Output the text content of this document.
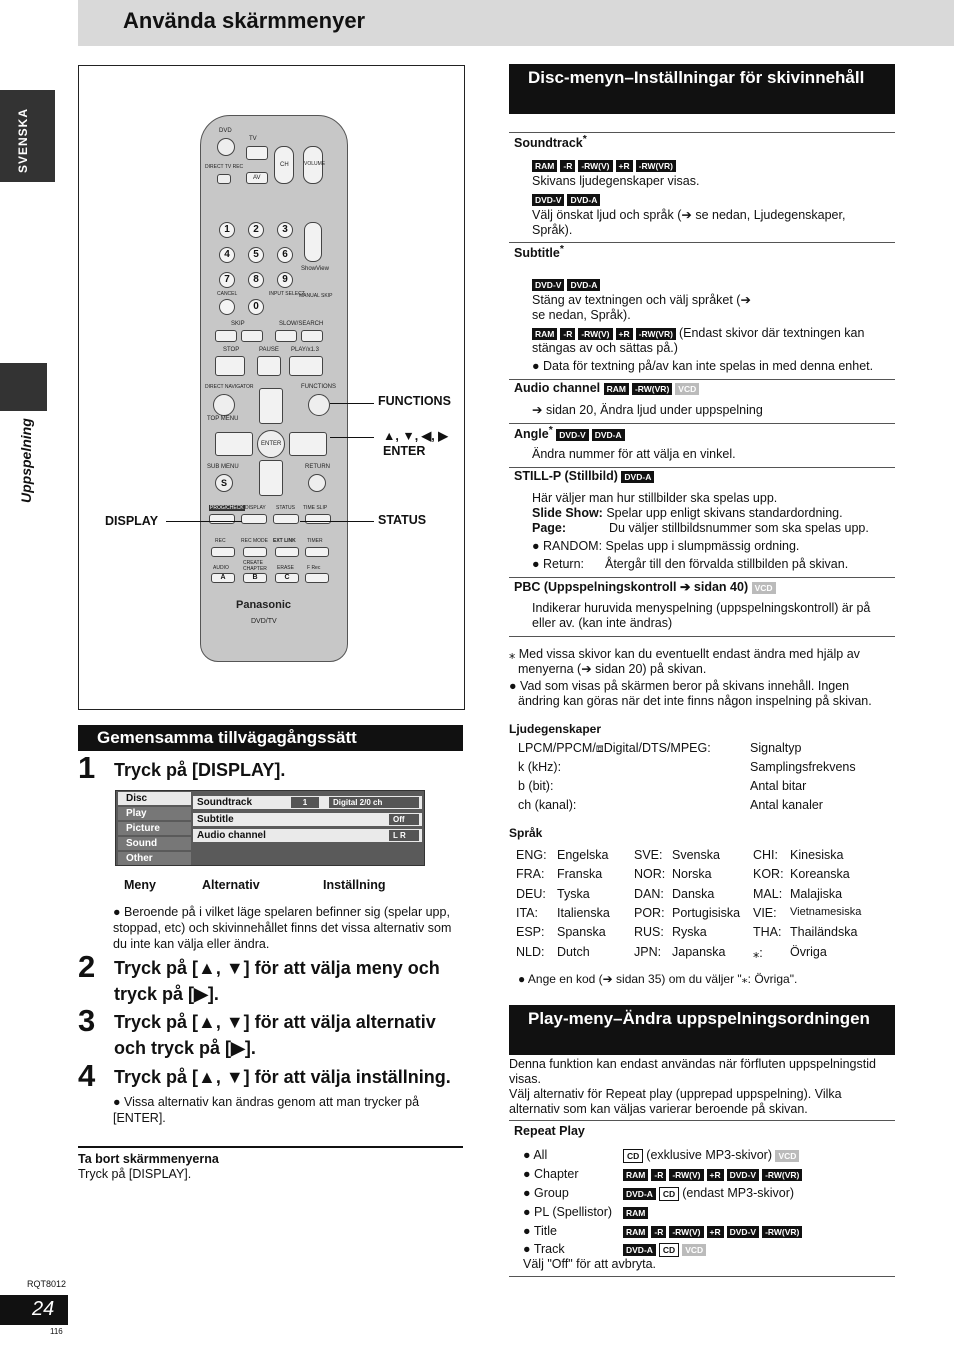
Använda skärmmenyer
SVENSKA
Uppspelning
DVD
TV
DIRECT TV REC
AV
CH	VOLUME
1	2	3
4	5	6
7	8	9
0
ShowView
CANCEL	INPUT SELECT
MANUAL SKIP
SKIP	SLOW/SEARCH
STOP	PAUSE PLAY/x1.3
DIRECT NAVIGATOR	FUNCTIONS
TOP MENU
ENTER
SUB MENU	RETURN
S
PROG/CHECK DISPLAY STATUS TIME SLIP
REC	REC MODE EXT LINK TIMER
AUDIO
CREATE CHAPTER	ERASE	F Rec
A	B	C
Panasonic
DVD/TV
FUNCTIONS
▲, ▼, ◀, ▶
ENTER
DISPLAY	STATUS
Gemensamma tillvägagångssätt
1 Tryck på [DISPLAY].
Disc
Play
Picture
Sound
Other
Soundtrack	1	Digital 2/0 ch
Subtitle	Off
Audio channel	L R
Meny	Alternativ	Inställning
● Beroende på i vilket läge spelaren befinner sig (spelar upp, stoppad, etc) och skivinnehållet finns det vissa alternativ som du inte kan välja eller ändra.
2 Tryck på [▲, ▼] för att välja meny och tryck på [▶].
3 Tryck på [▲, ▼] för att välja alternativ och tryck på [▶].
4 Tryck på [▲, ▼] för att välja inställning.
● Vissa alternativ kan ändras genom att man trycker på [ENTER].
Ta bort skärmmenyerna
Tryck på [DISPLAY].
Disc-menyn–Inställningar för skivinnehåll
Soundtrack*
RAM -R -RW(V) +R -RW(VR)
Skivans ljudegenskaper visas.
DVD-V DVD-A
Välj önskat ljud och språk (➔ se nedan, Ljudegenskaper, Språk).
Subtitle*
DVD-V DVD-A
Stäng av textningen och välj språket (➔ se nedan, Språk).
RAM -R -RW(V) +R -RW(VR) (Endast skivor där textningen kan stängas av och sättas på.)
● Data för textning på/av kan inte spelas in med denna enhet.
Audio channel RAM -RW(VR) VCD
➔ sidan 20, Ändra ljud under uppspelning
Angle* DVD-V DVD-A
Ändra nummer för att välja en vinkel.
STILL-P (Stillbild) DVD-A
Här väljer man hur stillbilder ska spelas upp.
Slide Show: Spelar upp enligt skivans standardordning.
Page:	Du väljer stillbildsnummer som ska spelas upp.
● RANDOM: Spelas upp i slumpmässig ordning.
● Return: Återgår till den förvalda stillbilden på skivan.
PBC (Uppspelningskontroll ➔ sidan 40) VCD
Indikerar huruvida menyspelning (uppspelningskontroll) är på eller av. (kan inte ändras)
⁎ Med vissa skivor kan du eventuellt endast ändra med hjälp av menyerna (➔ sidan 20) på skivan.
● Vad som visas på skärmen beror på skivans innehåll. Ingen ändring kan göras när det inte finns någon inspelning på skivan.
Ljudegenskaper
LPCM/PPCM/⧈Digital/DTS/MPEG:	Signaltyp
k (kHz):	Samplingsfrekvens
b (bit):	Antal bitar
ch (kanal):	Antal kanaler
Språk
ENG: Engelska SVE: Svenska	CHI: Kinesiska
FRA: Franska	NOR: Norska	KOR: Koreanska
DEU: Tyska	DAN: Danska	MAL: Malajiska
ITA: Italienska POR: Portugisiska VIE: Vietnamesiska
ESP: Spanska RUS: Ryska	THA: Thailändska
NLD: Dutch	JPN: Japanska ⁎: Övriga
● Ange en kod (➔ sidan 35) om du väljer "⁎: Övriga".
Play-meny–Ändra uppspelningsordningen
Denna funktion kan endast användas när förfluten uppspelningstid visas.
Välj alternativ för Repeat play (upprepad uppspelning). Vilka alternativ som kan väljas varierar beroende på skivan.
Repeat Play
● All	CD (exklusive MP3-skivor) VCD
● Chapter	RAM -R -RW(V) +R DVD-V -RW(VR)
● Group	DVD-A CD (endast MP3-skivor)
● PL (Spellistor)	RAM
● Title	RAM -R -RW(V) +R DVD-V -RW(VR)
● Track	DVD-A CD VCD
Välj "Off" för att avbryta.
RQT8012
24
116
